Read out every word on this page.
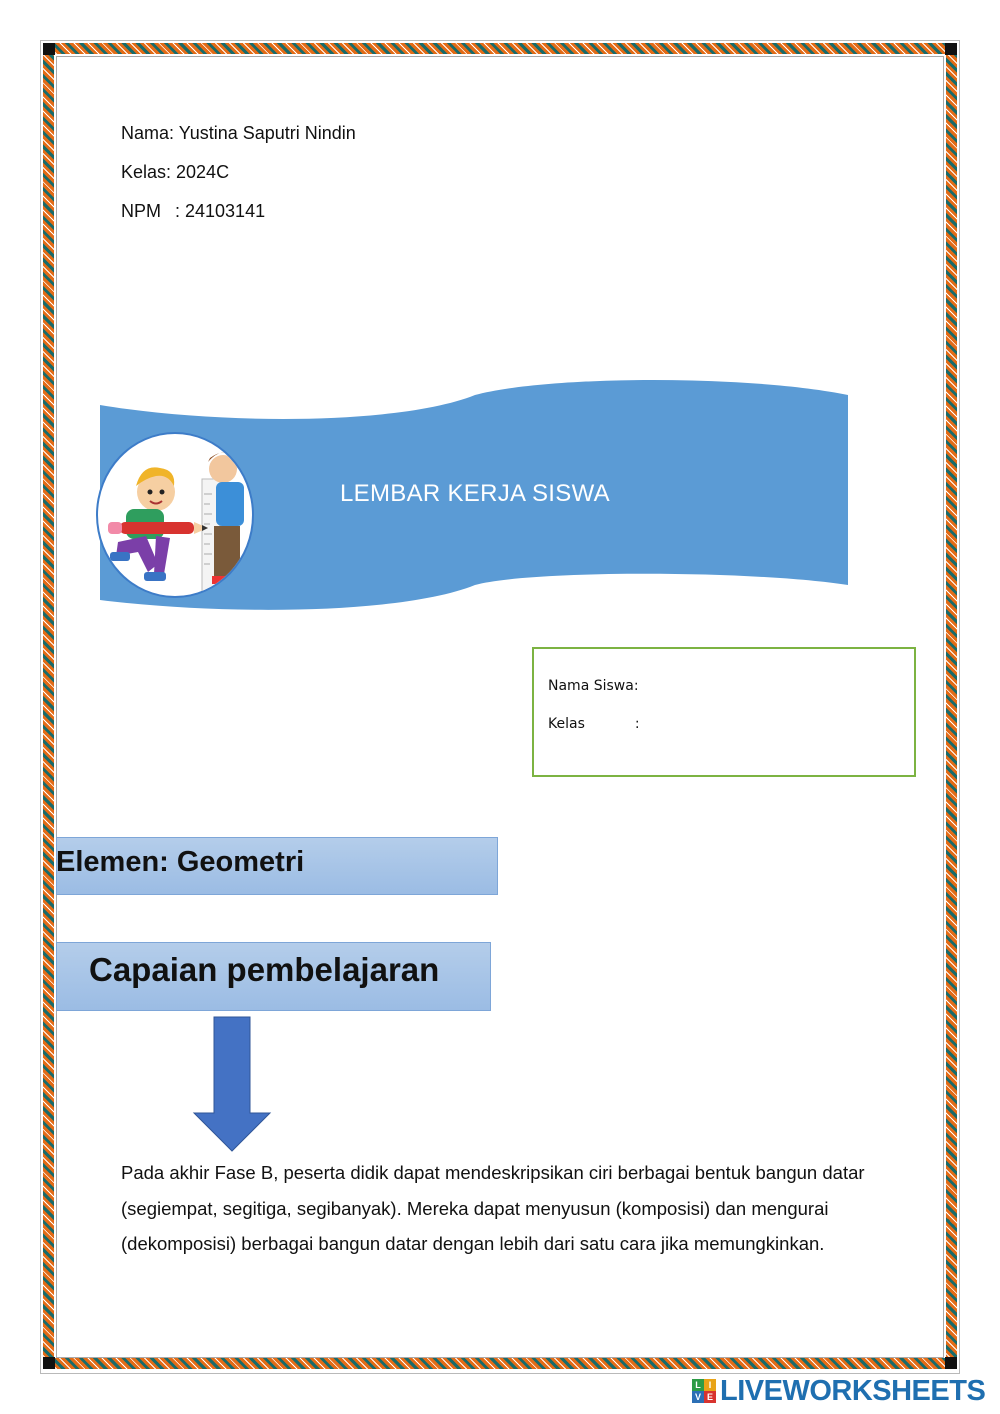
Nama: Yustina Saputri Nindin
Kelas: 2024C
NPM : 24103141
LEMBAR KERJA SISWA
Nama Siswa:
Kelas	:
Elemen: Geometri
Capaian pembelajaran
Pada akhir Fase B, peserta didik dapat mendeskripsikan ciri berbagai bentuk bangun datar (segiempat, segitiga, segibanyak). Mereka dapat menyusun (komposisi) dan mengurai (dekomposisi) berbagai bangun datar dengan lebih dari satu cara jika memungkinkan.
L I
V E LIVEWORKSHEETS
